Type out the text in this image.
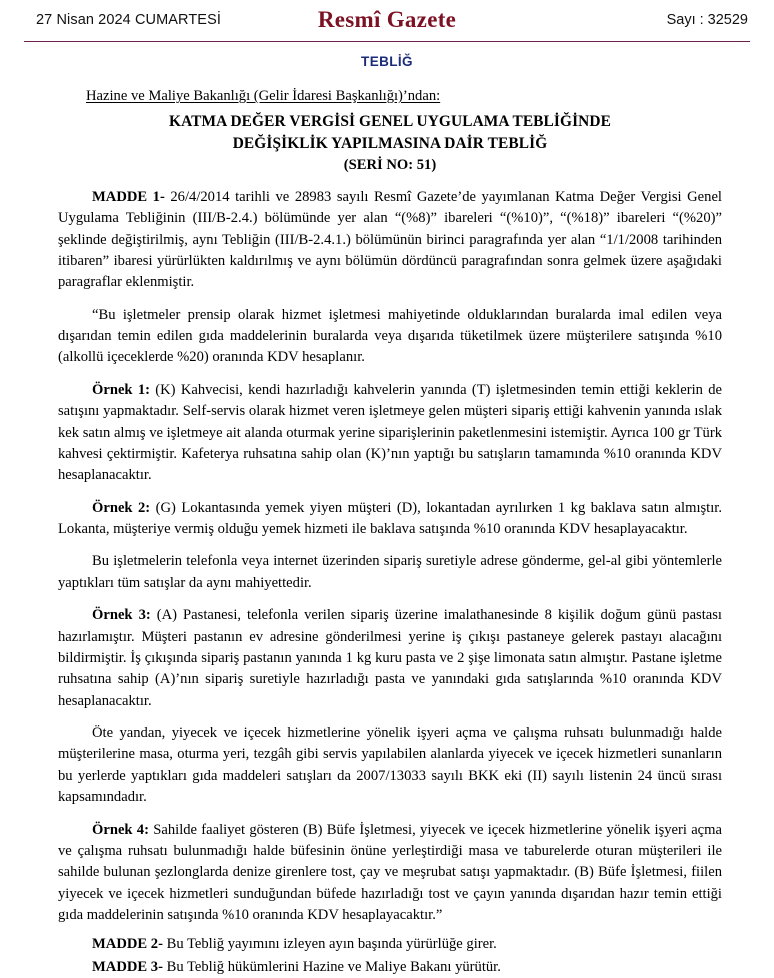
27 Nisan 2024 CUMARTESİ	Resmî Gazete	Sayı : 32529
TEBLİĞ
Hazine ve Maliye Bakanlığı (Gelir İdaresi Başkanlığı)’ndan:
KATMA DEĞER VERGİSİ GENEL UYGULAMA TEBLİĞİNDE
DEĞİŞİKLİK YAPILMASINA DAİR TEBLİĞ
(SERİ NO: 51)

MADDE 1- 26/4/2014 tarihli ve 28983 sayılı Resmî Gazete’de yayımlanan Katma Değer Vergisi Genel Uygulama Tebliğinin (III/B-2.4.) bölümünde yer alan “(%8)” ibareleri “(%10)”, “(%18)” ibareleri “(%20)” şeklinde değiştirilmiş, aynı Tebliğin (III/B-2.4.1.) bölümünün birinci paragrafında yer alan “1/1/2008 tarihinden itibaren” ibaresi yürürlükten kaldırılmış ve aynı bölümün dördüncü paragrafından sonra gelmek üzere aşağıdaki paragraflar eklenmiştir.

“Bu işletmeler prensip olarak hizmet işletmesi mahiyetinde olduklarından buralarda imal edilen veya dışarıdan temin edilen gıda maddelerinin buralarda veya dışarıda tüketilmek üzere müşterilere satışında %10 (alkollü içeceklerde %20) oranında KDV hesaplanır.

Örnek 1: (K) Kahvecisi, kendi hazırladığı kahvelerin yanında (T) işletmesinden temin ettiği keklerin de satışını yapmaktadır. Self-servis olarak hizmet veren işletmeye gelen müşteri sipariş ettiği kahvenin yanında ıslak kek satın almış ve işletmeye ait alanda oturmak yerine siparişlerinin paketlenmesini istemiştir. Ayrıca 100 gr Türk kahvesi çektirmiştir. Kafeterya ruhsatına sahip olan (K)’nın yaptığı bu satışların tamamında %10 oranında KDV hesaplanacaktır.

Örnek 2: (G) Lokantasında yemek yiyen müşteri (D), lokantadan ayrılırken 1 kg baklava satın almıştır. Lokanta, müşteriye vermiş olduğu yemek hizmeti ile baklava satışında %10 oranında KDV hesaplayacaktır.

Bu işletmelerin telefonla veya internet üzerinden sipariş suretiyle adrese gönderme, gel-al gibi yöntemlerle yaptıkları tüm satışlar da aynı mahiyettedir.

Örnek 3: (A) Pastanesi, telefonla verilen sipariş üzerine imalathanesinde 8 kişilik doğum günü pastası hazırlamıştır. Müşteri pastanın ev adresine gönderilmesi yerine iş çıkışı pastaneye gelerek pastayı alacağını bildirmiştir. İş çıkışında sipariş pastanın yanında 1 kg kuru pasta ve 2 şişe limonata satın almıştır. Pastane işletme ruhsatına sahip (A)’nın sipariş suretiyle hazırladığı pasta ve yanındaki gıda satışlarında %10 oranında KDV hesaplanacaktır.

Öte yandan, yiyecek ve içecek hizmetlerine yönelik işyeri açma ve çalışma ruhsatı bulunmadığı halde müşterilerine masa, oturma yeri, tezgâh gibi servis yapılabilen alanlarda yiyecek ve içecek hizmetleri sunanların bu yerlerde yaptıkları gıda maddeleri satışları da 2007/13033 sayılı BKK eki (II) sayılı listenin 24 üncü sırası kapsamındadır.

Örnek 4: Sahilde faaliyet gösteren (B) Büfe İşletmesi, yiyecek ve içecek hizmetlerine yönelik işyeri açma ve çalışma ruhsatı bulunmadığı halde büfesinin önüne yerleştirdiği masa ve taburelerde oturan müşterileri ile sahilde bulunan şezlonglarda denize girenlere tost, çay ve meşrubat satışı yapmaktadır. (B) Büfe İşletmesi, fiilen yiyecek ve içecek hizmetleri sunduğundan büfede hazırladığı tost ve çayın yanında dışarıdan hazır temin ettiği gıda maddelerinin satışında %10 oranında KDV hesaplayacaktır.”

MADDE 2- Bu Tebliğ yayımını izleyen ayın başında yürürlüğe girer.

MADDE 3- Bu Tebliğ hükümlerini Hazine ve Maliye Bakanı yürütür.
